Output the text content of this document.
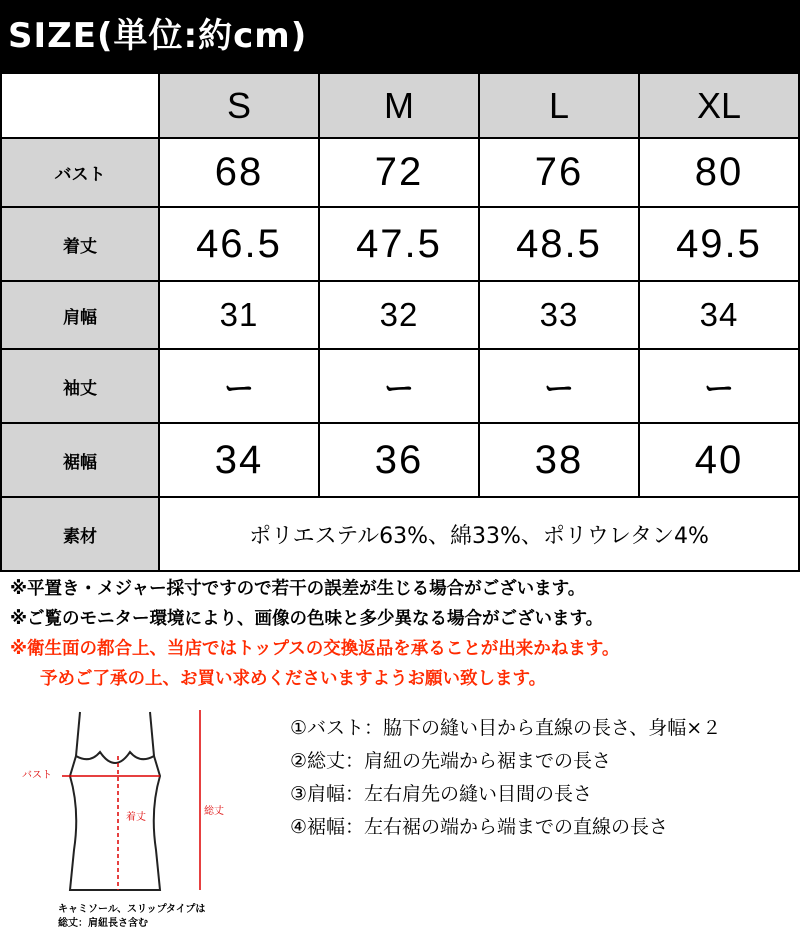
SIZE(単位:約cm)
	S	M	L	XL
バスト	68	72	76	80
着丈	46.5	47.5	48.5	49.5
肩幅	31	32	33	34
袖丈	ー	ー	ー	ー
裾幅	34	36	38	40
素材	ポリエステル63%、綿33%、ポリウレタン4%			
※平置き・メジャー採寸ですので若干の誤差が生じる場合がございます。
※ご覧のモニター環境により、画像の色味と多少異なる場合がございます。
※衛生面の都合上、当店ではトップスの交換返品を承ることが出来かねます。
予めご了承の上、お買い求めくださいますようお願い致します。
バスト
着丈
総丈
キャミソール、スリップタイプは
総丈：肩紐長さ含む
①バスト：脇下の縫い目から直線の長さ、身幅×２
②総丈：肩紐の先端から裾までの長さ
③肩幅：左右肩先の縫い目間の長さ
④裾幅：左右裾の端から端までの直線の長さ
